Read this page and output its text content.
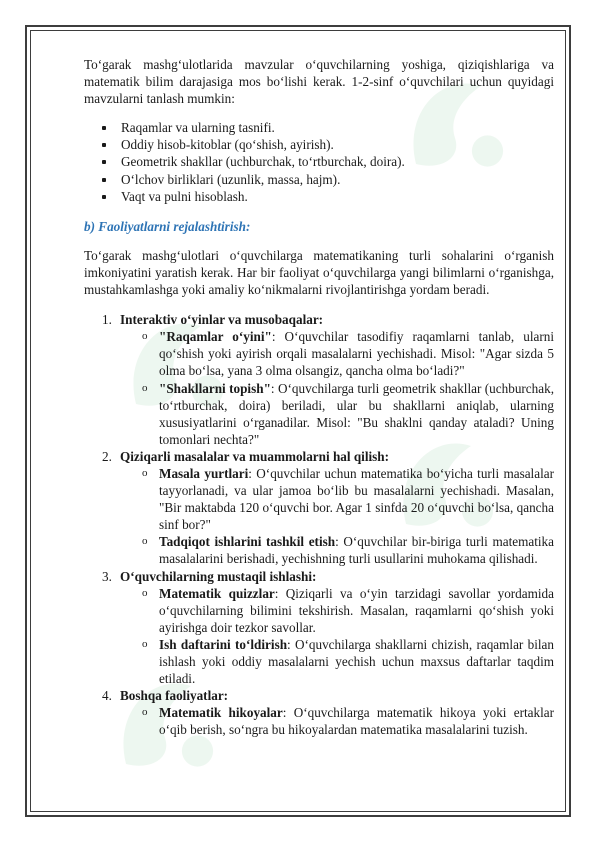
To‘garak mashg‘ulotlarida mavzular o‘quvchilarning yoshiga, qiziqishlariga va matematik bilim darajasiga mos bo‘lishi kerak. 1-2-sinf o‘quvchilari uchun quyidagi mavzularni tanlash mumkin:

Raqamlar va ularning tasnifi.
Oddiy hisob-kitoblar (qo‘shish, ayirish).
Geometrik shakllar (uchburchak, to‘rtburchak, doira).
O‘lchov birliklari (uzunlik, massa, hajm).
Vaqt va pulni hisoblash.
b) Faoliyatlarni rejalashtirish:

To‘garak mashg‘ulotlari o‘quvchilarga matematikaning turli sohalarini o‘rganish imkoniyatini yaratish kerak. Har bir faoliyat o‘quvchilarga yangi bilimlarni o‘rganishga, mustahkamlashga yoki amaliy ko‘nikmalarni rivojlantirishga yordam beradi.

1. Interaktiv o‘yinlar va musobaqalar:
o "Raqamlar o‘yini": O‘quvchilar tasodifiy raqamlarni tanlab, ularni qo‘shish yoki ayirish orqali masalalarni yechishadi. Misol: "Agar sizda 5 olma bo‘lsa, yana 3 olma olsangiz, qancha olma bo‘ladi?"
o "Shakllarni topish": O‘quvchilarga turli geometrik shakllar (uchburchak, to‘rtburchak, doira) beriladi, ular bu shakllarni aniqlab, ularning xususiyatlarini o‘rganadilar. Misol: "Bu shaklni qanday ataladi? Uning tomonlari nechta?"
2. Qiziqarli masalalar va muammolarni hal qilish:
o Masala yurtlari: O‘quvchilar uchun matematika bo‘yicha turli masalalar tayyorlanadi, va ular jamoa bo‘lib bu masalalarni yechishadi. Masalan, "Bir maktabda 120 o‘quvchi bor. Agar 1 sinfda 20 o‘quvchi bo‘lsa, qancha sinf bor?"
o Tadqiqot ishlarini tashkil etish: O‘quvchilar bir-biriga turli matematika masalalarini berishadi, yechishning turli usullarini muhokama qilishadi.
3. O‘quvchilarning mustaqil ishlashi:
o Matematik quizzlar: Qiziqarli va o‘yin tarzidagi savollar yordamida o‘quvchilarning bilimini tekshirish. Masalan, raqamlarni qo‘shish yoki ayirishga doir tezkor savollar.
o Ish daftarini to‘ldirish: O‘quvchilarga shakllarni chizish, raqamlar bilan ishlash yoki oddiy masalalarni yechish uchun maxsus daftarlar taqdim etiladi.
4. Boshqa faoliyatlar:
o Matematik hikoyalar: O‘quvchilarga matematik hikoya yoki ertaklar o‘qib berish, so‘ngra bu hikoyalardan matematika masalalarini tuzish.
